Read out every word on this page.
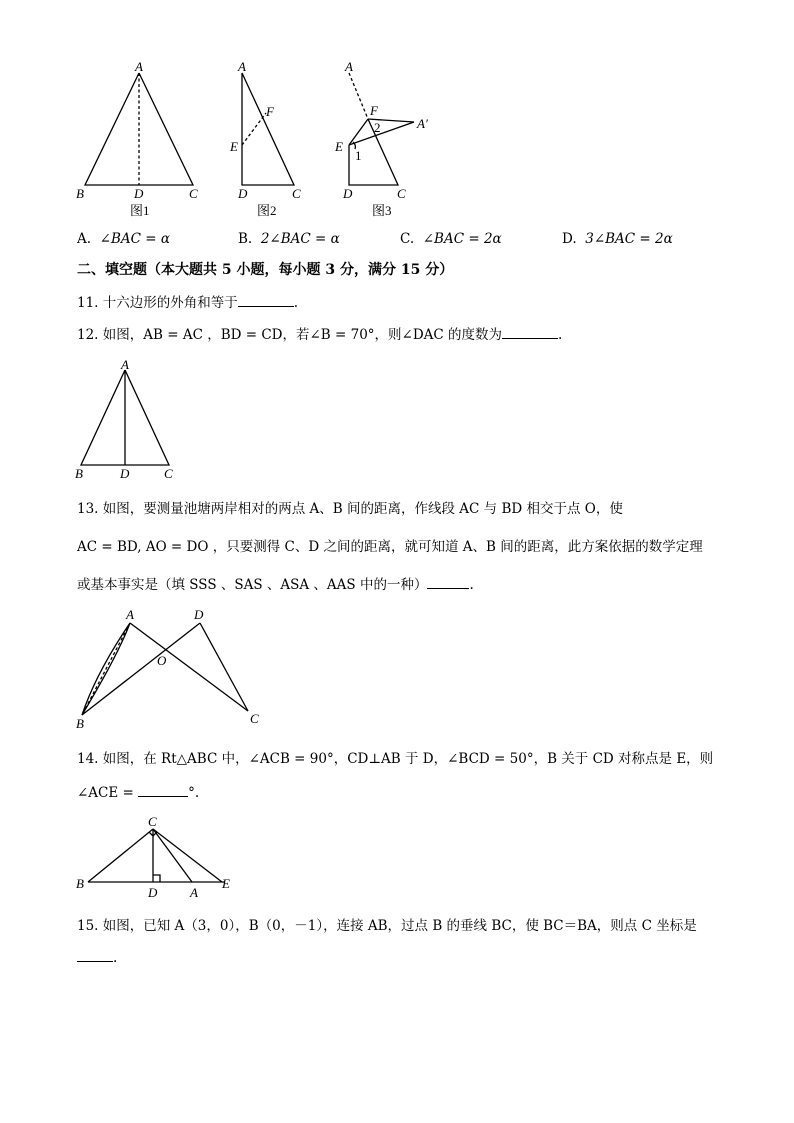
A
B	D	C
图1
A
F
E
D	C
图2
A
F
A′
E
2
1
D	C
图3
A. ∠BAC = α	B. 2∠BAC = α	C. ∠BAC = 2α	D. 3∠BAC = 2α
二、填空题（本大题共 5 小题，每小题 3 分，满分 15 分）
11. 十六边形的外角和等于	.
12. 如图，AB = AC ，BD = CD，若∠B = 70°，则∠DAC 的度数为	.
A
B	D	C
13. 如图，要测量池塘两岸相对的两点 A、B 间的距离，作线段 AC 与 BD 相交于点 O，使
AC = BD, AO = DO ，只要测得 C、D 之间的距离，就可知道 A、B 间的距离，此方案依据的数学定理
或基本事实是（填 SSS 、SAS 、ASA 、AAS 中的一种）	.
A	D
O
B	C
14. 如图，在 Rt△ABC 中，∠ACB = 90°，CD⊥AB 于 D，∠BCD = 50°，B 关于 CD 对称点是 E，则
∠ACE =	°.
C
B
D	A
E
15. 如图，已知 A（3，0），B（0，－1），连接 AB，过点 B 的垂线 BC，使 BC＝BA，则点 C 坐标是
.
